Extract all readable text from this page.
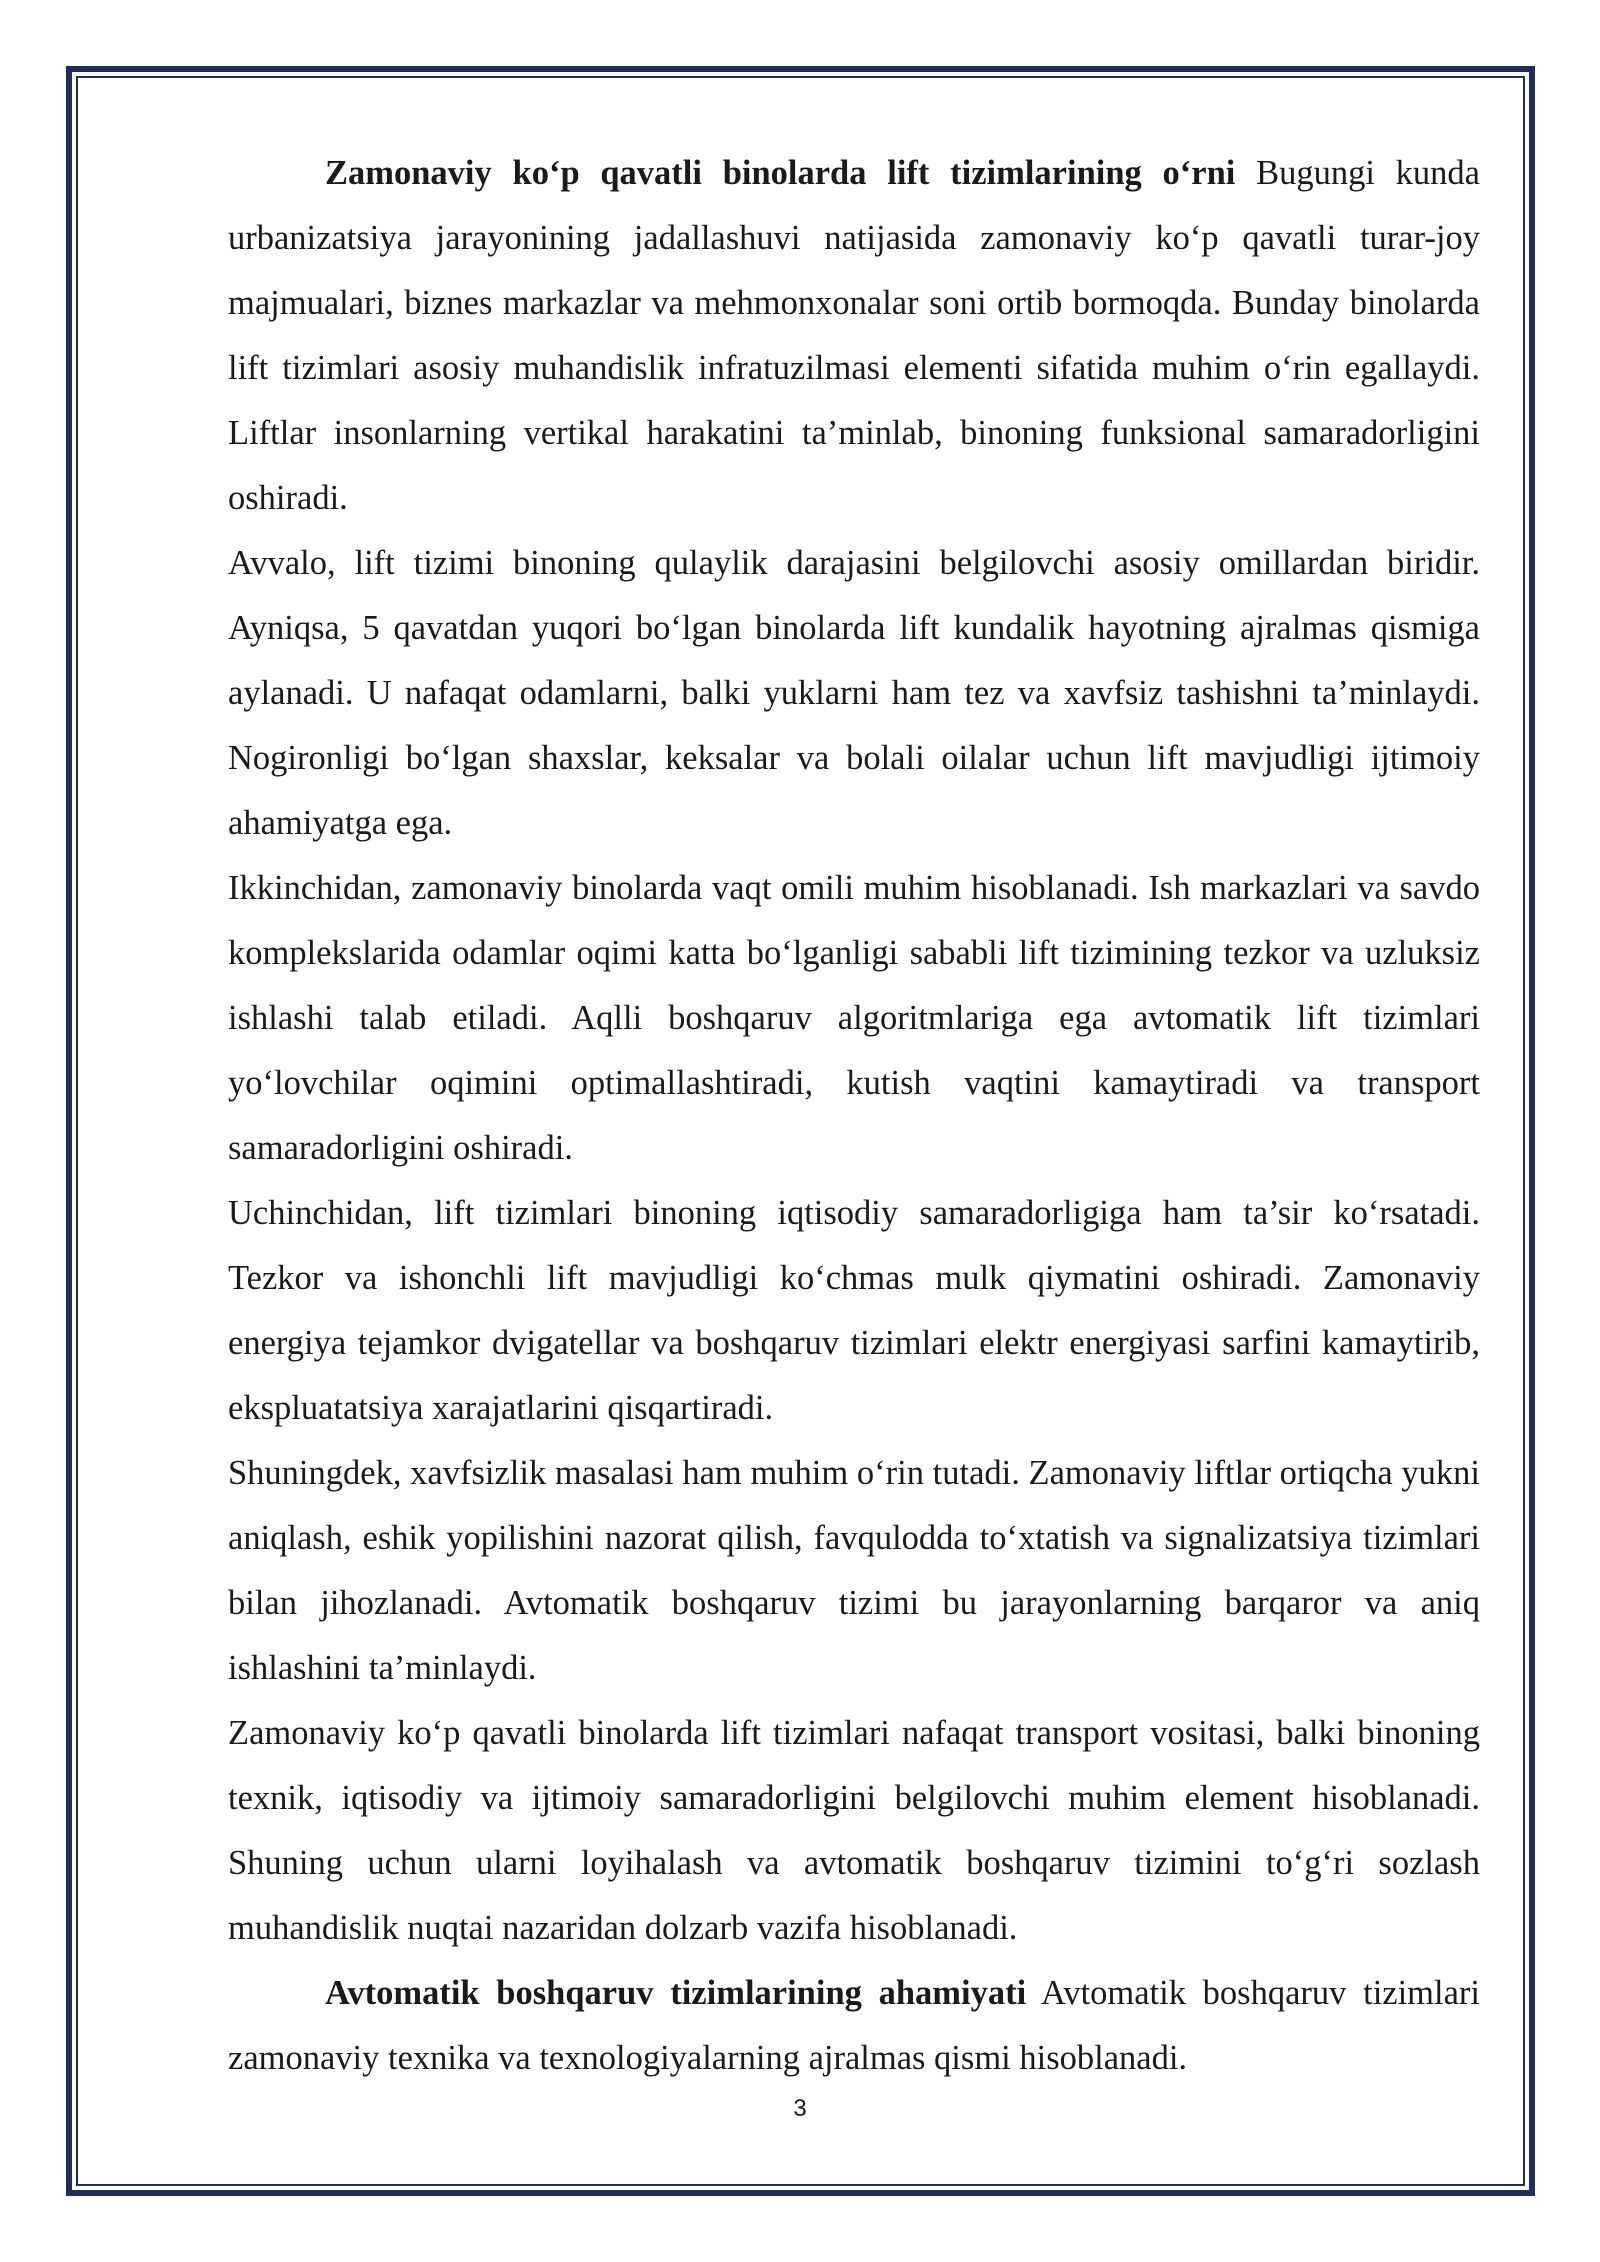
Zamonaviy ko‘p qavatli binolarda lift tizimlarining o‘rni Bugungi kunda urbanizatsiya jarayonining jadallashuvi natijasida zamonaviy ko‘p qavatli turar-joy majmualari, biznes markazlar va mehmonxonalar soni ortib bormoqda. Bunday binolarda lift tizimlari asosiy muhandislik infratuzilmasi elementi sifatida muhim o‘rin egallaydi. Liftlar insonlarning vertikal harakatini ta’minlab, binoning funksional samaradorligini oshiradi.

Avvalo, lift tizimi binoning qulaylik darajasini belgilovchi asosiy omillardan biridir. Ayniqsa, 5 qavatdan yuqori bo‘lgan binolarda lift kundalik hayotning ajralmas qismiga aylanadi. U nafaqat odamlarni, balki yuklarni ham tez va xavfsiz tashishni ta’minlaydi. Nogironligi bo‘lgan shaxslar, keksalar va bolali oilalar uchun lift mavjudligi ijtimoiy ahamiyatga ega.

Ikkinchidan, zamonaviy binolarda vaqt omili muhim hisoblanadi. Ish markazlari va savdo komplekslarida odamlar oqimi katta bo‘lganligi sababli lift tizimining tezkor va uzluksiz ishlashi talab etiladi. Aqlli boshqaruv algoritmlariga ega avtomatik lift tizimlari yo‘lovchilar oqimini optimallashtiradi, kutish vaqtini kamaytiradi va transport samaradorligini oshiradi.

Uchinchidan, lift tizimlari binoning iqtisodiy samaradorligiga ham ta’sir ko‘rsatadi. Tezkor va ishonchli lift mavjudligi ko‘chmas mulk qiymatini oshiradi. Zamonaviy energiya tejamkor dvigatellar va boshqaruv tizimlari elektr energiyasi sarfini kamaytirib, ekspluatatsiya xarajatlarini qisqartiradi.

Shuningdek, xavfsizlik masalasi ham muhim o‘rin tutadi. Zamonaviy liftlar ortiqcha yukni aniqlash, eshik yopilishini nazorat qilish, favqulodda to‘xtatish va signalizatsiya tizimlari bilan jihozlanadi. Avtomatik boshqaruv tizimi bu jarayonlarning barqaror va aniq ishlashini ta’minlaydi.

Zamonaviy ko‘p qavatli binolarda lift tizimlari nafaqat transport vositasi, balki binoning texnik, iqtisodiy va ijtimoiy samaradorligini belgilovchi muhim element hisoblanadi. Shuning uchun ularni loyihalash va avtomatik boshqaruv tizimini to‘g‘ri sozlash muhandislik nuqtai nazaridan dolzarb vazifa hisoblanadi.

Avtomatik boshqaruv tizimlarining ahamiyati Avtomatik boshqaruv tizimlari zamonaviy texnika va texnologiyalarning ajralmas qismi hisoblanadi.

3
